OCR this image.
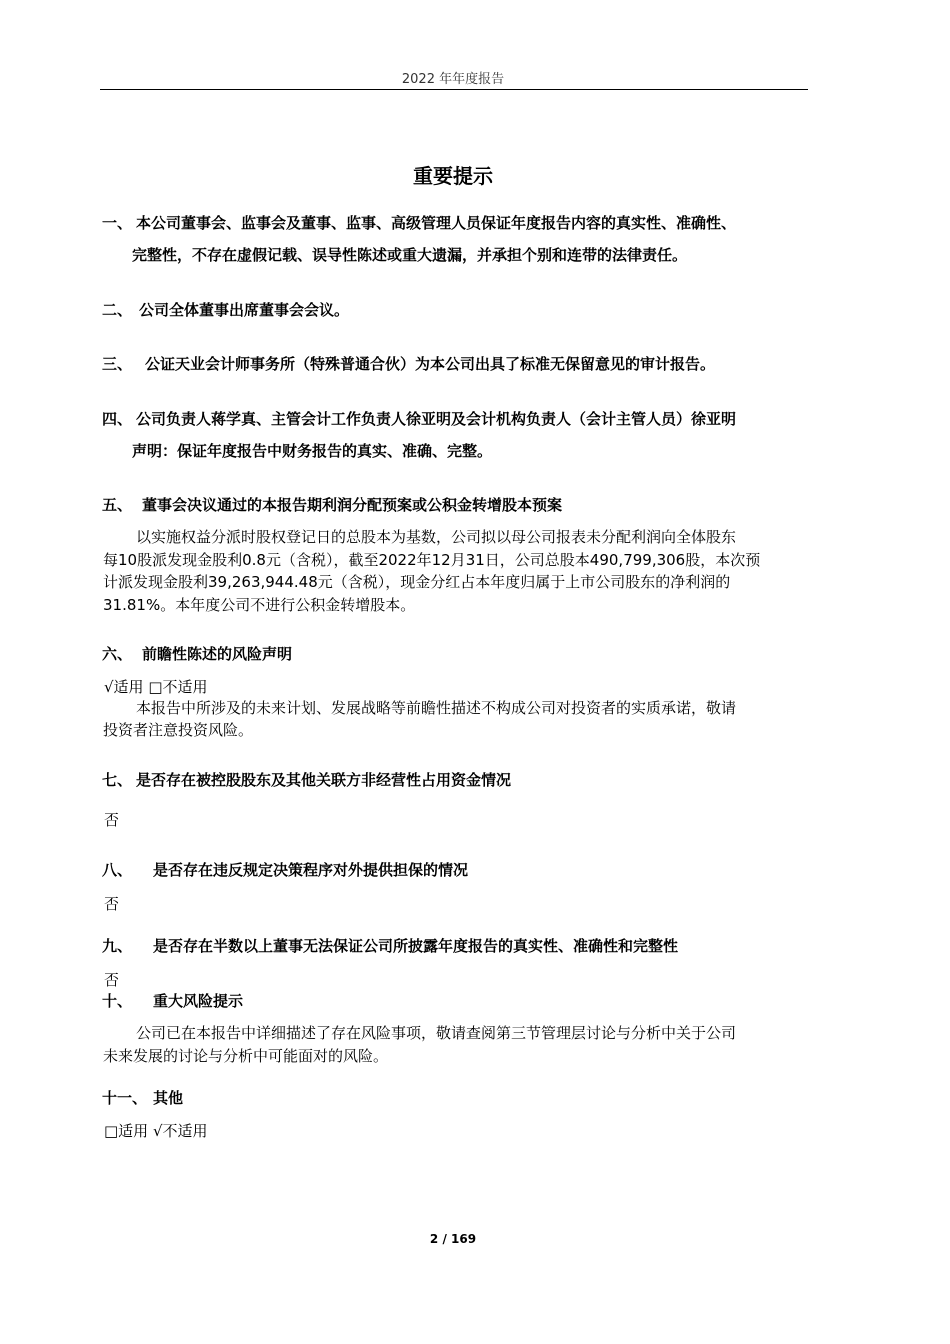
2022 年年度报告
重要提示
一、 本公司董事会、监事会及董事、监事、高级管理人员保证年度报告内容的真实性、准确性、
完整性，不存在虚假记载、误导性陈述或重大遗漏，并承担个别和连带的法律责任。
二、 公司全体董事出席董事会会议。
三、 公证天业会计师事务所（特殊普通合伙）为本公司出具了标准无保留意见的审计报告。
四、 公司负责人蒋学真、主管会计工作负责人徐亚明及会计机构负责人（会计主管人员）徐亚明
声明：保证年度报告中财务报告的真实、准确、完整。
五、 董事会决议通过的本报告期利润分配预案或公积金转增股本预案
以实施权益分派时股权登记日的总股本为基数，公司拟以母公司报表未分配利润向全体股东
每10股派发现金股利0.8元（含税），截至2022年12月31日，公司总股本490,799,306股，本次预
计派发现金股利39,263,944.48元（含税），现金分红占本年度归属于上市公司股东的净利润的
31.81%。本年度公司不进行公积金转增股本。
六、 前瞻性陈述的风险声明
√适用 □不适用
本报告中所涉及的未来计划、发展战略等前瞻性描述不构成公司对投资者的实质承诺，敬请
投资者注意投资风险。
七、 是否存在被控股股东及其他关联方非经营性占用资金情况
否
八、 是否存在违反规定决策程序对外提供担保的情况
否
九、 是否存在半数以上董事无法保证公司所披露年度报告的真实性、准确性和完整性
否
十、 重大风险提示
公司已在本报告中详细描述了存在风险事项，敬请查阅第三节管理层讨论与分析中关于公司
未来发展的讨论与分析中可能面对的风险。
十一、 其他
□适用 √不适用
2 / 169
